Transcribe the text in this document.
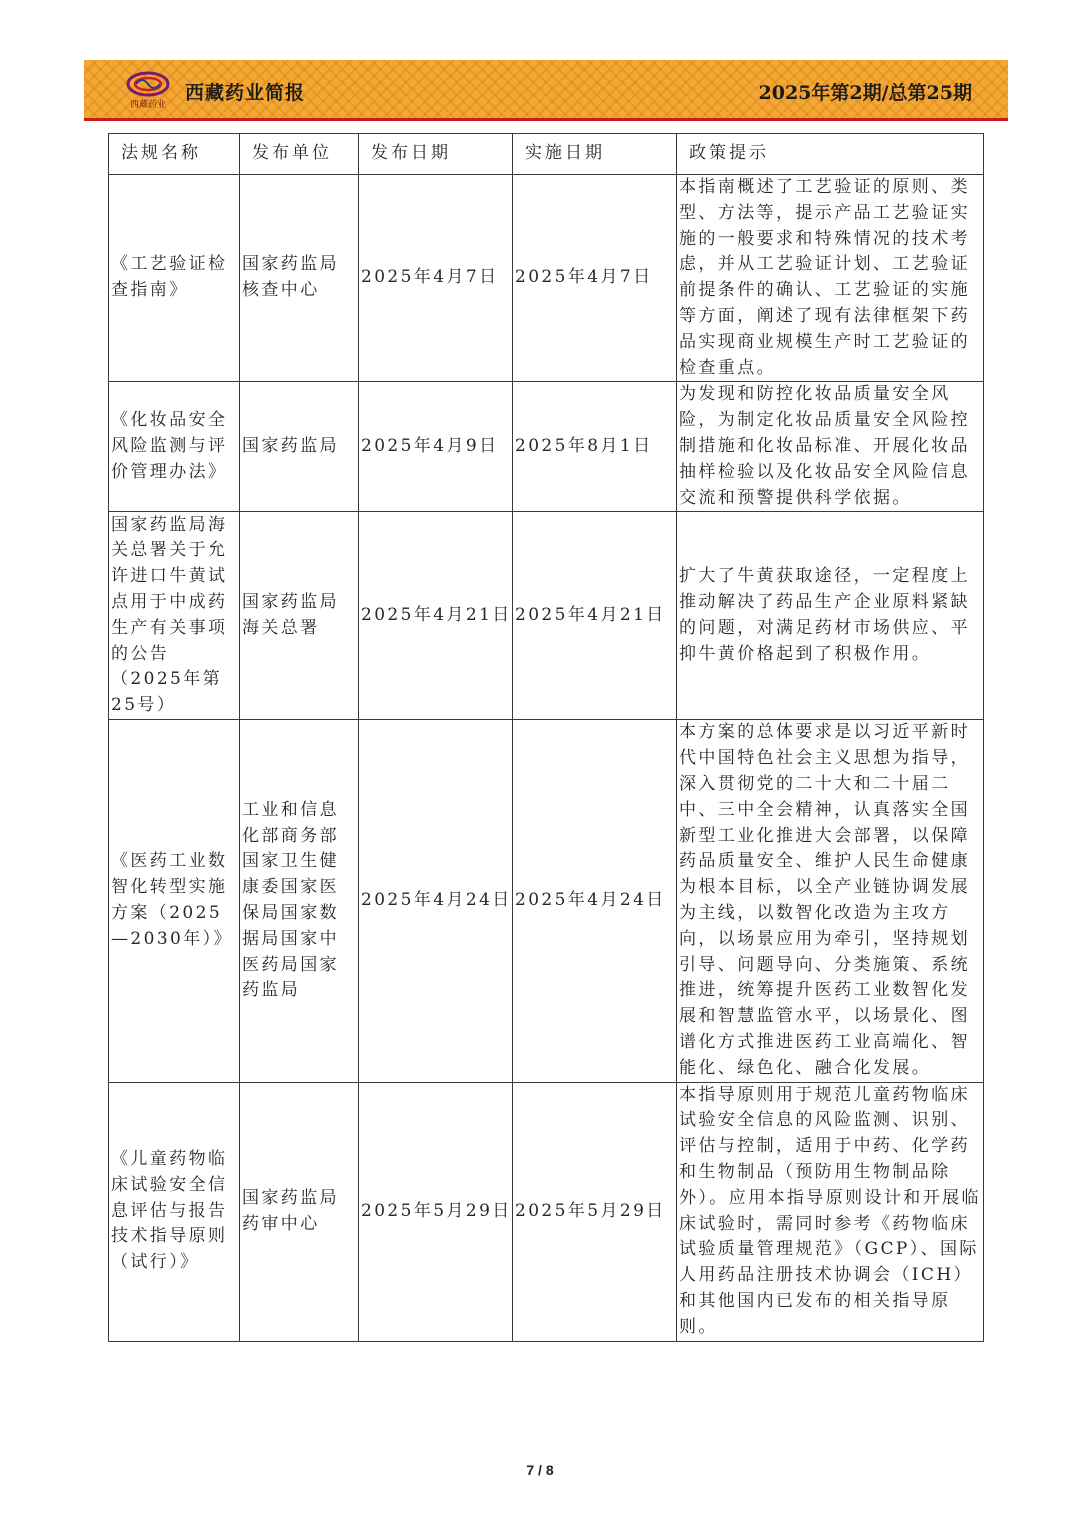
西藏药业
西藏药业简报	2025年第2期/总第25期
法规名称	发布单位	发布日期	实施日期	政策提示
《工艺验证检查指南》	国家药监局核查中心	2025年4月7日	2025年4月7日	本指南概述了工艺验证的原则、类型、方法等，提示产品工艺验证实施的一般要求和特殊情况的技术考虑，并从工艺验证计划、工艺验证前提条件的确认、工艺验证的实施等方面，阐述了现有法律框架下药品实现商业规模生产时工艺验证的检查重点。
《化妆品安全风险监测与评价管理办法》	国家药监局	2025年4月9日	2025年8月1日	为发现和防控化妆品质量安全风险，为制定化妆品质量安全风险控制措施和化妆品标准、开展化妆品抽样检验以及化妆品安全风险信息交流和预警提供科学依据。
国家药监局海关总署关于允许进口牛黄试点用于中成药生产有关事项的公告（2025年第25号）	国家药监局海关总署	2025年4月21日	2025年4月21日	扩大了牛黄获取途径，一定程度上推动解决了药品生产企业原料紧缺的问题，对满足药材市场供应、平抑牛黄价格起到了积极作用。
《医药工业数智化转型实施方案（2025—2030年）》	工业和信息化部商务部国家卫生健康委国家医保局国家数据局国家中医药局国家药监局	2025年4月24日	2025年4月24日	本方案的总体要求是以习近平新时代中国特色社会主义思想为指导，深入贯彻党的二十大和二十届二中、三中全会精神，认真落实全国新型工业化推进大会部署，以保障药品质量安全、维护人民生命健康为根本目标，以全产业链协调发展为主线，以数智化改造为主攻方向，以场景应用为牵引，坚持规划引导、问题导向、分类施策、系统推进，统筹提升医药工业数智化发展和智慧监管水平，以场景化、图谱化方式推进医药工业高端化、智能化、绿色化、融合化发展。
《儿童药物临床试验安全信息评估与报告技术指导原则（试行）》	国家药监局药审中心	2025年5月29日	2025年5月29日	本指导原则用于规范儿童药物临床试验安全信息的风险监测、识别、评估与控制，适用于中药、化学药和生物制品（预防用生物制品除外）。应用本指导原则设计和开展临床试验时，需同时参考《药物临床试验质量管理规范》（GCP）、国际人用药品注册技术协调会（ICH）和其他国内已发布的相关指导原则。
7 / 8
